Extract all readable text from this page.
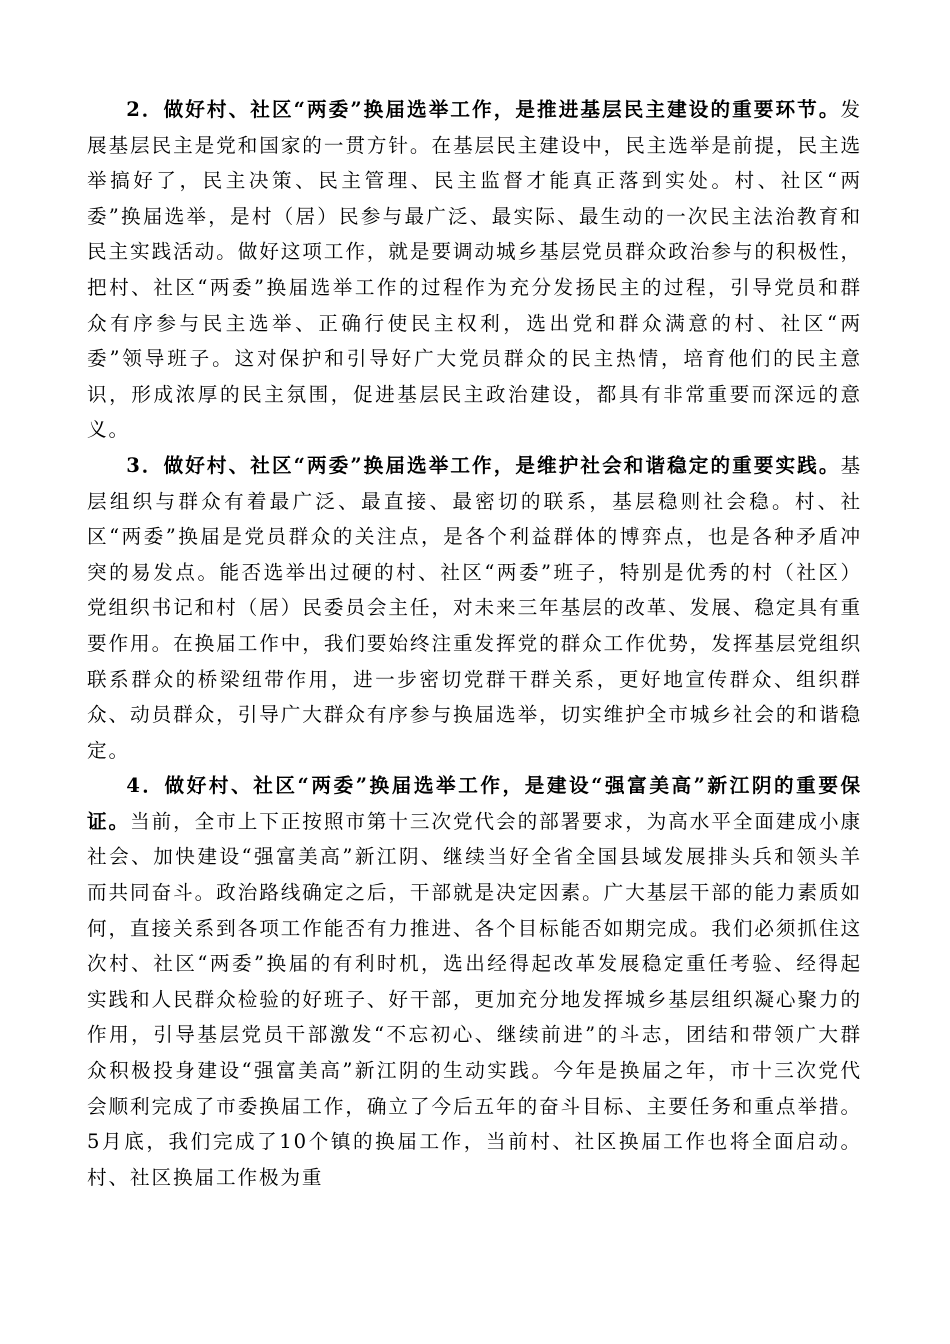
2．做好村、社区“两委”换届选举工作，是推进基层民主建设的重要环节。发展基层民主是党和国家的一贯方针。在基层民主建设中，民主选举是前提，民主选举搞好了，民主决策、民主管理、民主监督才能真正落到实处。村、社区“两委”换届选举，是村（居）民参与最广泛、最实际、最生动的一次民主法治教育和民主实践活动。做好这项工作，就是要调动城乡基层党员群众政治参与的积极性，把村、社区“两委”换届选举工作的过程作为充分发扬民主的过程，引导党员和群众有序参与民主选举、正确行使民主权利，选出党和群众满意的村、社区“两委”领导班子。这对保护和引导好广大党员群众的民主热情，培育他们的民主意识，形成浓厚的民主氛围，促进基层民主政治建设，都具有非常重要而深远的意义。

3．做好村、社区“两委”换届选举工作，是维护社会和谐稳定的重要实践。基层组织与群众有着最广泛、最直接、最密切的联系，基层稳则社会稳。村、社区“两委”换届是党员群众的关注点，是各个利益群体的博弈点，也是各种矛盾冲突的易发点。能否选举出过硬的村、社区“两委”班子，特别是优秀的村（社区）党组织书记和村（居）民委员会主任，对未来三年基层的改革、发展、稳定具有重要作用。在换届工作中，我们要始终注重发挥党的群众工作优势，发挥基层党组织联系群众的桥梁纽带作用，进一步密切党群干群关系，更好地宣传群众、组织群众、动员群众，引导广大群众有序参与换届选举，切实维护全市城乡社会的和谐稳定。

4．做好村、社区“两委”换届选举工作，是建设“强富美高”新江阴的重要保证。当前，全市上下正按照市第十三次党代会的部署要求，为高水平全面建成小康社会、加快建设“强富美高”新江阴、继续当好全省全国县域发展排头兵和领头羊而共同奋斗。政治路线确定之后，干部就是决定因素。广大基层干部的能力素质如何，直接关系到各项工作能否有力推进、各个目标能否如期完成。我们必须抓住这次村、社区“两委”换届的有利时机，选出经得起改革发展稳定重任考验、经得起实践和人民群众检验的好班子、好干部，更加充分地发挥城乡基层组织凝心聚力的作用，引导基层党员干部激发“不忘初心、继续前进”的斗志，团结和带领广大群众积极投身建设“强富美高”新江阴的生动实践。今年是换届之年，市十三次党代会顺利完成了市委换届工作，确立了今后五年的奋斗目标、主要任务和重点举措。5月底，我们完成了10个镇的换届工作，当前村、社区换届工作也将全面启动。村、社区换届工作极为重
